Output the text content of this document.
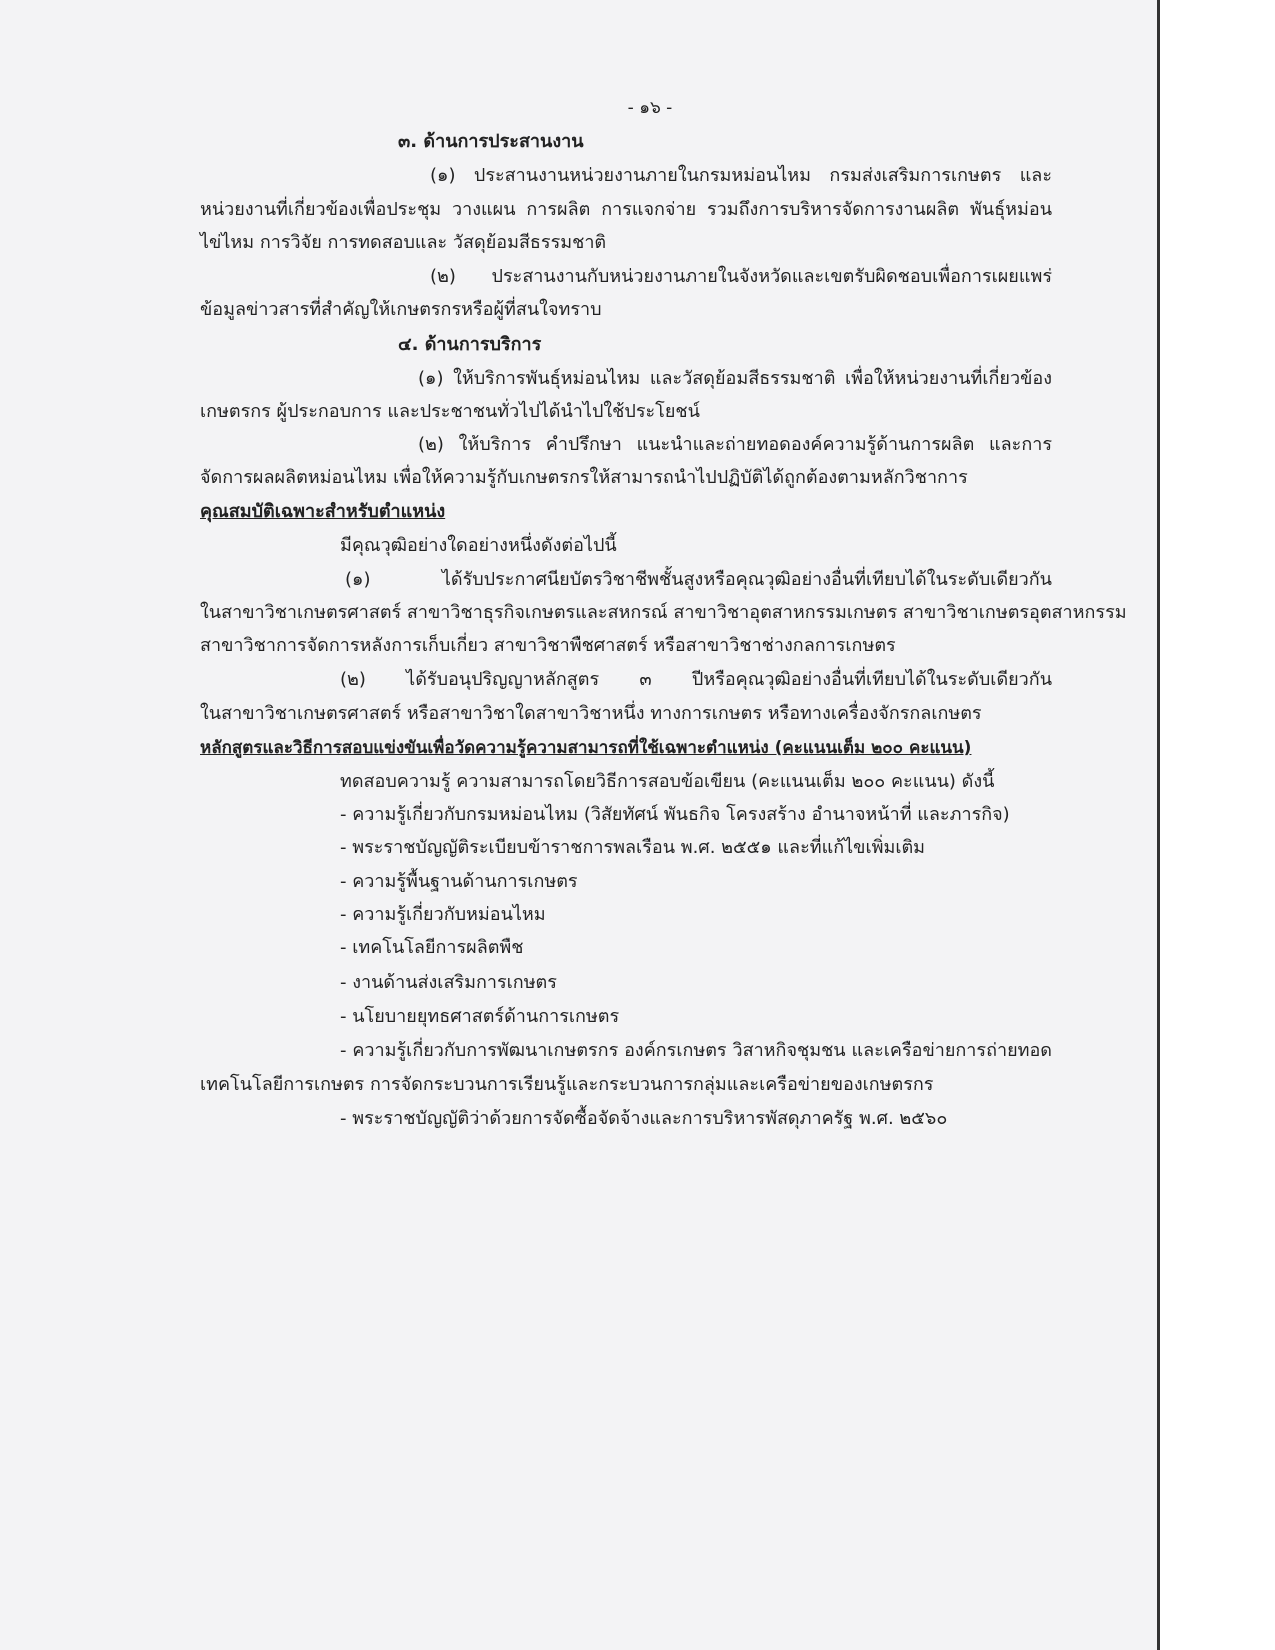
- ๑๖ -
๓. ด้านการประสานงาน
(๑) ประสานงานหน่วยงานภายในกรมหม่อนไหม กรมส่งเสริมการเกษตร และ
หน่วยงานที่เกี่ยวข้องเพื่อประชุม วางแผน การผลิต การแจกจ่าย รวมถึงการบริหารจัดการงานผลิต พันธุ์หม่อน
ไข่ไหม การวิจัย การทดสอบและ วัสดุย้อมสีธรรมชาติ
(๒) ประสานงานกับหน่วยงานภายในจังหวัดและเขตรับผิดชอบเพื่อการเผยแพร่
ข้อมูลข่าวสารที่สำคัญให้เกษตรกรหรือผู้ที่สนใจทราบ
๔. ด้านการบริการ
(๑) ให้บริการพันธุ์หม่อนไหม และวัสดุย้อมสีธรรมชาติ เพื่อให้หน่วยงานที่เกี่ยวข้อง
เกษตรกร ผู้ประกอบการ และประชาชนทั่วไปได้นำไปใช้ประโยชน์
(๒) ให้บริการ คำปรึกษา แนะนำและถ่ายทอดองค์ความรู้ด้านการผลิต และการ
จัดการผลผลิตหม่อนไหม เพื่อให้ความรู้กับเกษตรกรให้สามารถนำไปปฏิบัติได้ถูกต้องตามหลักวิชาการ
คุณสมบัติเฉพาะสำหรับตำแหน่ง
มีคุณวุฒิอย่างใดอย่างหนึ่งดังต่อไปนี้
(๑) ได้รับประกาศนียบัตรวิชาชีพชั้นสูงหรือคุณวุฒิอย่างอื่นที่เทียบได้ในระดับเดียวกัน
ในสาขาวิชาเกษตรศาสตร์ สาขาวิชาธุรกิจเกษตรและสหกรณ์ สาขาวิชาอุตสาหกรรมเกษตร สาขาวิชาเกษตรอุตสาหกรรม
สาขาวิชาการจัดการหลังการเก็บเกี่ยว สาขาวิชาพืชศาสตร์ หรือสาขาวิชาช่างกลการเกษตร
(๒) ได้รับอนุปริญญาหลักสูตร ๓ ปีหรือคุณวุฒิอย่างอื่นที่เทียบได้ในระดับเดียวกัน
ในสาขาวิชาเกษตรศาสตร์ หรือสาขาวิชาใดสาขาวิชาหนึ่ง ทางการเกษตร หรือทางเครื่องจักรกลเกษตร
หลักสูตรและวิธีการสอบแข่งขันเพื่อวัดความรู้ความสามารถที่ใช้เฉพาะตำแหน่ง (คะแนนเต็ม ๒๐๐ คะแนน)
ทดสอบความรู้ ความสามารถโดยวิธีการสอบข้อเขียน (คะแนนเต็ม ๒๐๐ คะแนน) ดังนี้
- ความรู้เกี่ยวกับกรมหม่อนไหม (วิสัยทัศน์ พันธกิจ โครงสร้าง อำนาจหน้าที่ และภารกิจ)
- พระราชบัญญัติระเบียบข้าราชการพลเรือน พ.ศ. ๒๕๕๑ และที่แก้ไขเพิ่มเติม
- ความรู้พื้นฐานด้านการเกษตร
- ความรู้เกี่ยวกับหม่อนไหม
- เทคโนโลยีการผลิตพืช
- งานด้านส่งเสริมการเกษตร
- นโยบายยุทธศาสตร์ด้านการเกษตร
- ความรู้เกี่ยวกับการพัฒนาเกษตรกร องค์กรเกษตร วิสาหกิจชุมชน และเครือข่ายการถ่ายทอด
เทคโนโลยีการเกษตร การจัดกระบวนการเรียนรู้และกระบวนการกลุ่มและเครือข่ายของเกษตรกร
- พระราชบัญญัติว่าด้วยการจัดซื้อจัดจ้างและการบริหารพัสดุภาครัฐ พ.ศ. ๒๕๖๐
